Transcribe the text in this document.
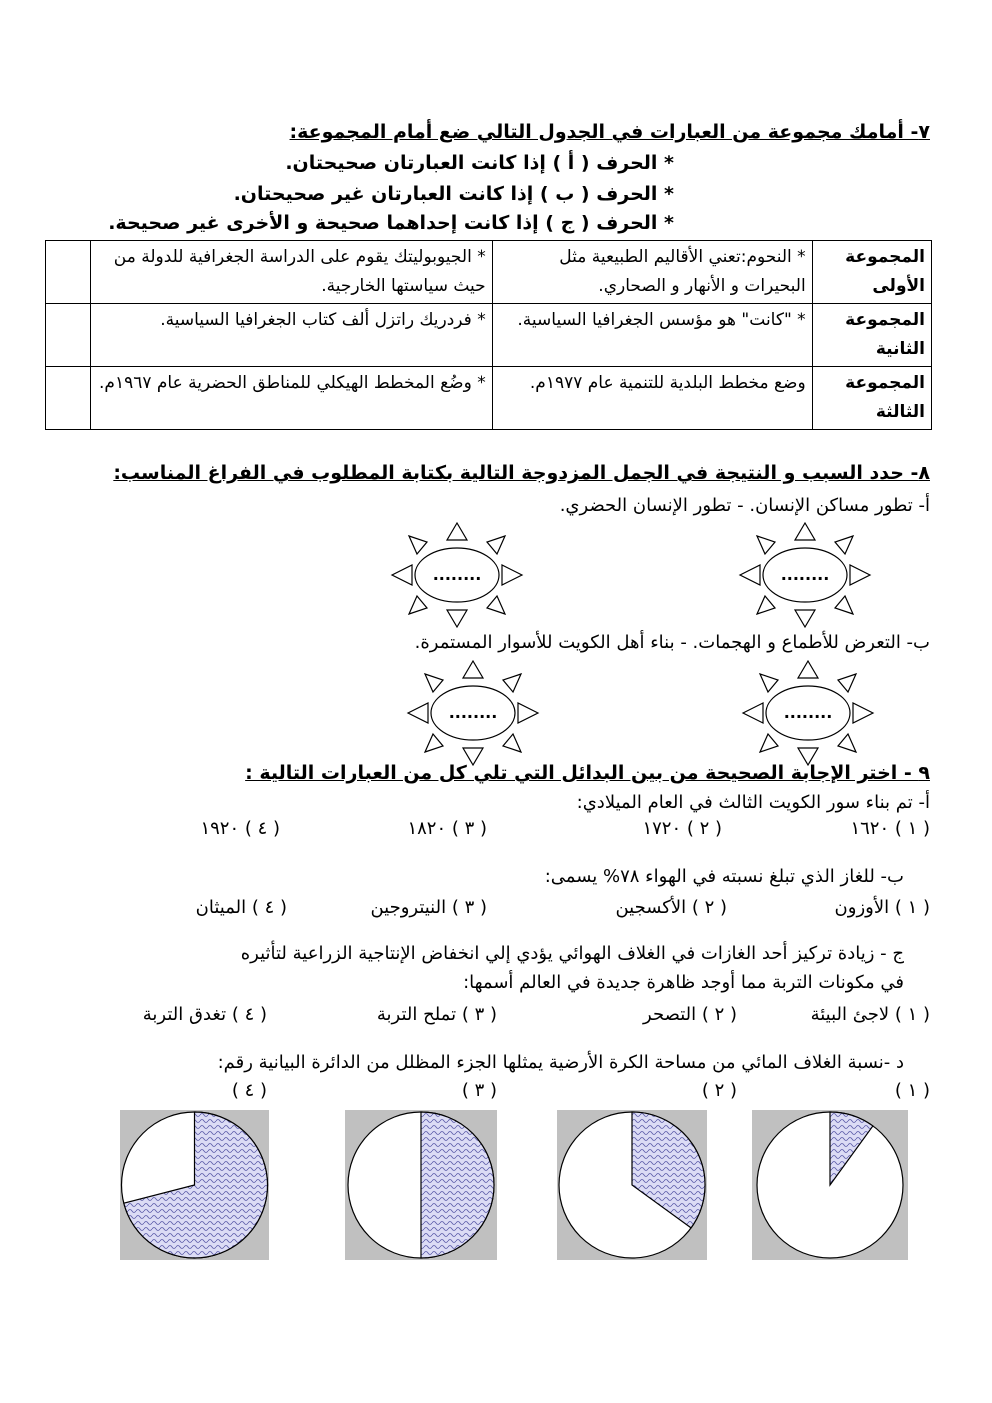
٧- أمامك مجموعة من العبارات في الجدول التالي ضع أمام المجموعة:
* الحرف ( أ ) إذا كانت العبارتان صحيحتان.
* الحرف ( ب ) إذا كانت العبارتان غير صحيحتان.
* الحرف ( ج ) إذا كانت إحداهما صحيحة و الأخرى غير صحيحة.
المجموعة الأولى	* النحوم:تعني الأقاليم الطبيعية مثل البحيرات و الأنهار و الصحاري.	* الجيوبوليتك يقوم على الدراسة الجغرافية للدولة من حيث سياستها الخارجية.	
المجموعة الثانية	* "كانت" هو مؤسس الجغرافيا السياسية.	* فردريك راتزل ألف كتاب الجغرافيا السياسية.	
المجموعة الثالثة	وضع مخطط البلدية للتنمية عام ١٩٧٧م.	* وضُع المخطط الهيكلي للمناطق الحضرية عام ١٩٦٧م.	
٨- حدد السبب و النتيجة في الجمل المزدوجة التالية بكتابة المطلوب في الفراغ المناسب:
أ- تطور مساكن الإنسان. - تطور الإنسان الحضري.
........
........
ب- التعرض للأطماع و الهجمات. - بناء أهل الكويت للأسوار المستمرة.
........
........
٩ - اختر الإجابة الصحيحة من بين البدائل التي تلي كل من العبارات التالية :
أ- تم بناء سور الكويت الثالث في العام الميلادي:
( ١ ) ١٦٢٠
( ٢ ) ١٧٢٠
( ٣ ) ١٨٢٠
( ٤ ) ١٩٢٠
ب- للغاز الذي تبلغ نسبته في الهواء ٧٨% يسمى:
( ١ ) الأوزون
( ٢ ) الأكسجين
( ٣ ) النيتروجين
( ٤ ) الميثان
ج - زيادة تركيز أحد الغازات في الغلاف الهوائي يؤدي إلي انخفاض الإنتاجية الزراعية لتأثيره
في مكونات التربة مما أوجد ظاهرة جديدة في العالم أسمها:
( ١ ) لاجئ البيئة
( ٢ ) التصحر
( ٣ ) تملح التربة
( ٤ ) تغدق التربة
د -نسبة الغلاف المائي من مساحة الكرة الأرضية يمثلها الجزء المظلل من الدائرة البيانية رقم:
( ١ )
( ٢ )
( ٣ )
( ٤ )
